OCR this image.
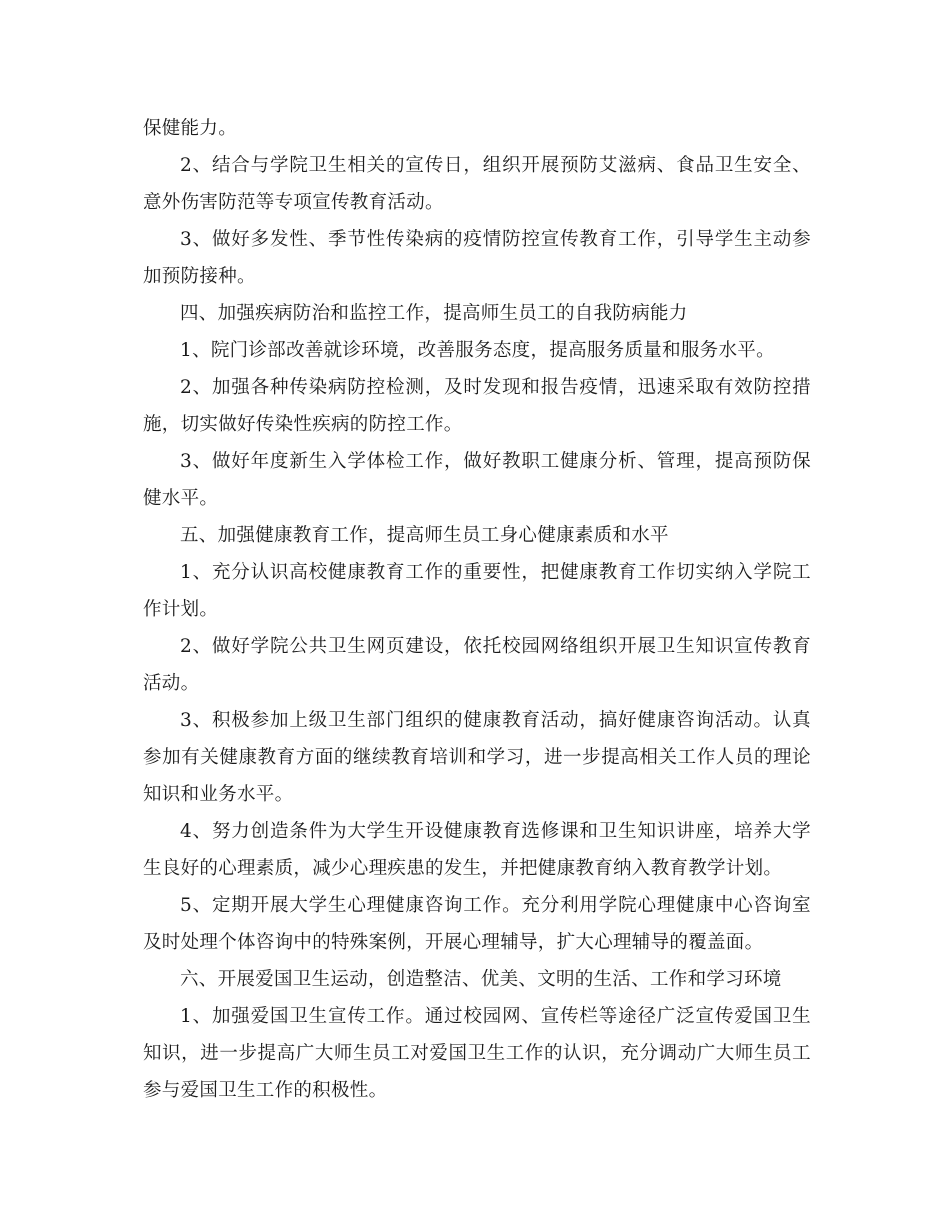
保健能力。

2、结合与学院卫生相关的宣传日，组织开展预防艾滋病、食品卫生安全、意外伤害防范等专项宣传教育活动。

3、做好多发性、季节性传染病的疫情防控宣传教育工作，引导学生主动参加预防接种。

四、加强疾病防治和监控工作，提高师生员工的自我防病能力

1、院门诊部改善就诊环境，改善服务态度，提高服务质量和服务水平。

2、加强各种传染病防控检测，及时发现和报告疫情，迅速采取有效防控措施，切实做好传染性疾病的防控工作。

3、做好年度新生入学体检工作，做好教职工健康分析、管理，提高预防保健水平。

五、加强健康教育工作，提高师生员工身心健康素质和水平

1、充分认识高校健康教育工作的重要性，把健康教育工作切实纳入学院工作计划。

2、做好学院公共卫生网页建设，依托校园网络组织开展卫生知识宣传教育活动。

3、积极参加上级卫生部门组织的健康教育活动，搞好健康咨询活动。认真参加有关健康教育方面的继续教育培训和学习，进一步提高相关工作人员的理论知识和业务水平。

4、努力创造条件为大学生开设健康教育选修课和卫生知识讲座，培养大学生良好的心理素质，减少心理疾患的发生，并把健康教育纳入教育教学计划。

5、定期开展大学生心理健康咨询工作。充分利用学院心理健康中心咨询室及时处理个体咨询中的特殊案例，开展心理辅导，扩大心理辅导的覆盖面。

六、开展爱国卫生运动，创造整洁、优美、文明的生活、工作和学习环境

1、加强爱国卫生宣传工作。通过校园网、宣传栏等途径广泛宣传爱国卫生知识，进一步提高广大师生员工对爱国卫生工作的认识，充分调动广大师生员工参与爱国卫生工作的积极性。
